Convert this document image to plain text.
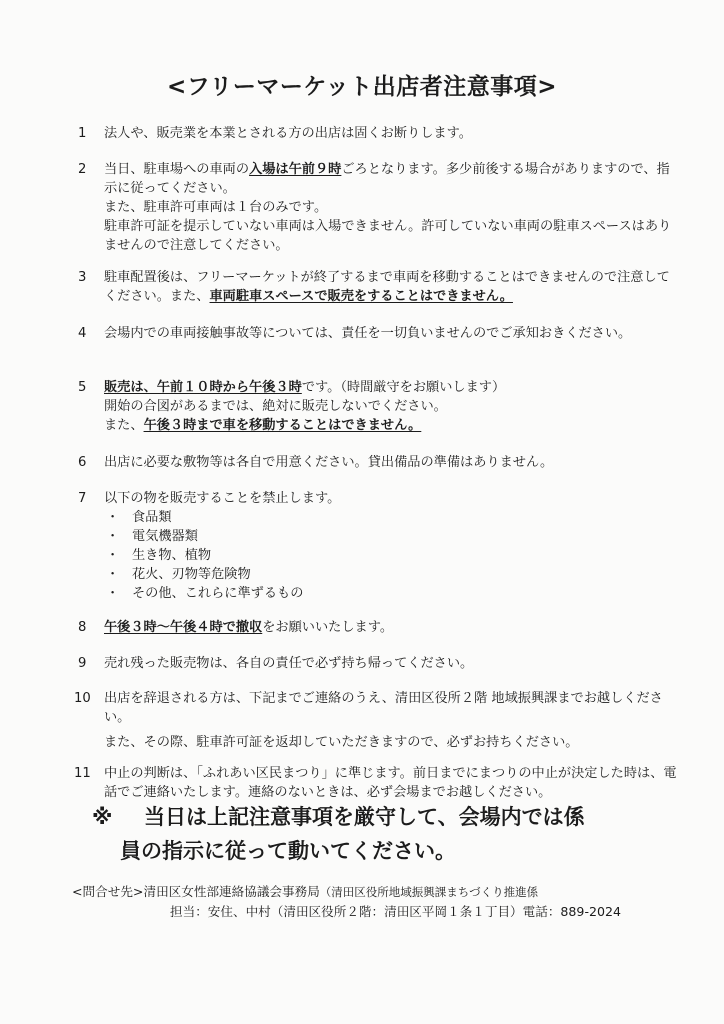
<フリーマーケット出店者注意事項>
1	法人や、販売業を本業とされる方の出店は固くお断りします。
2	当日、駐車場への車両の入場は午前９時ごろとなります。多少前後する場合がありますので、指示に従ってください。
また、駐車許可車両は１台のみです。
駐車許可証を提示していない車両は入場できません。許可していない車両の駐車スペースはありませんので注意してください。
3	駐車配置後は、フリーマーケットが終了するまで車両を移動することはできませんので注意してください。また、車両駐車スペースで販売をすることはできません。
4	会場内での車両接触事故等については、責任を一切負いませんのでご承知おきください。
5	販売は、午前１０時から午後３時です。（時間厳守をお願いします）
開始の合図があるまでは、絶対に販売しないでください。
また、午後３時まで車を移動することはできません。
6	出店に必要な敷物等は各自で用意ください。貸出備品の準備はありません。
7	以下の物を販売することを禁止します。
・ 食品類
・ 電気機器類
・ 生き物、植物
・ 花火、刃物等危険物
・ その他、これらに準ずるもの
8	午後３時～午後４時で撤収をお願いいたします。
9	売れ残った販売物は、各自の責任で必ず持ち帰ってください。
10	出店を辞退される方は、下記までご連絡のうえ、清田区役所２階 地域振興課までお越しください。
また、その際、駐車許可証を返却していただきますので、必ずお持ちください。
11	中止の判断は、「ふれあい区民まつり」に準じます。前日までにまつりの中止が決定した時は、電話でご連絡いたします。連絡のないときは、必ず会場までお越しください。
※ 当日は上記注意事項を厳守して、会場内では係
員の指示に従って動いてください。
<問合せ先>清田区女性部連絡協議会事務局（清田区役所地域振興課まちづくり推進係
担当：安住、中村（清田区役所２階：清田区平岡１条１丁目）電話：889-2024
